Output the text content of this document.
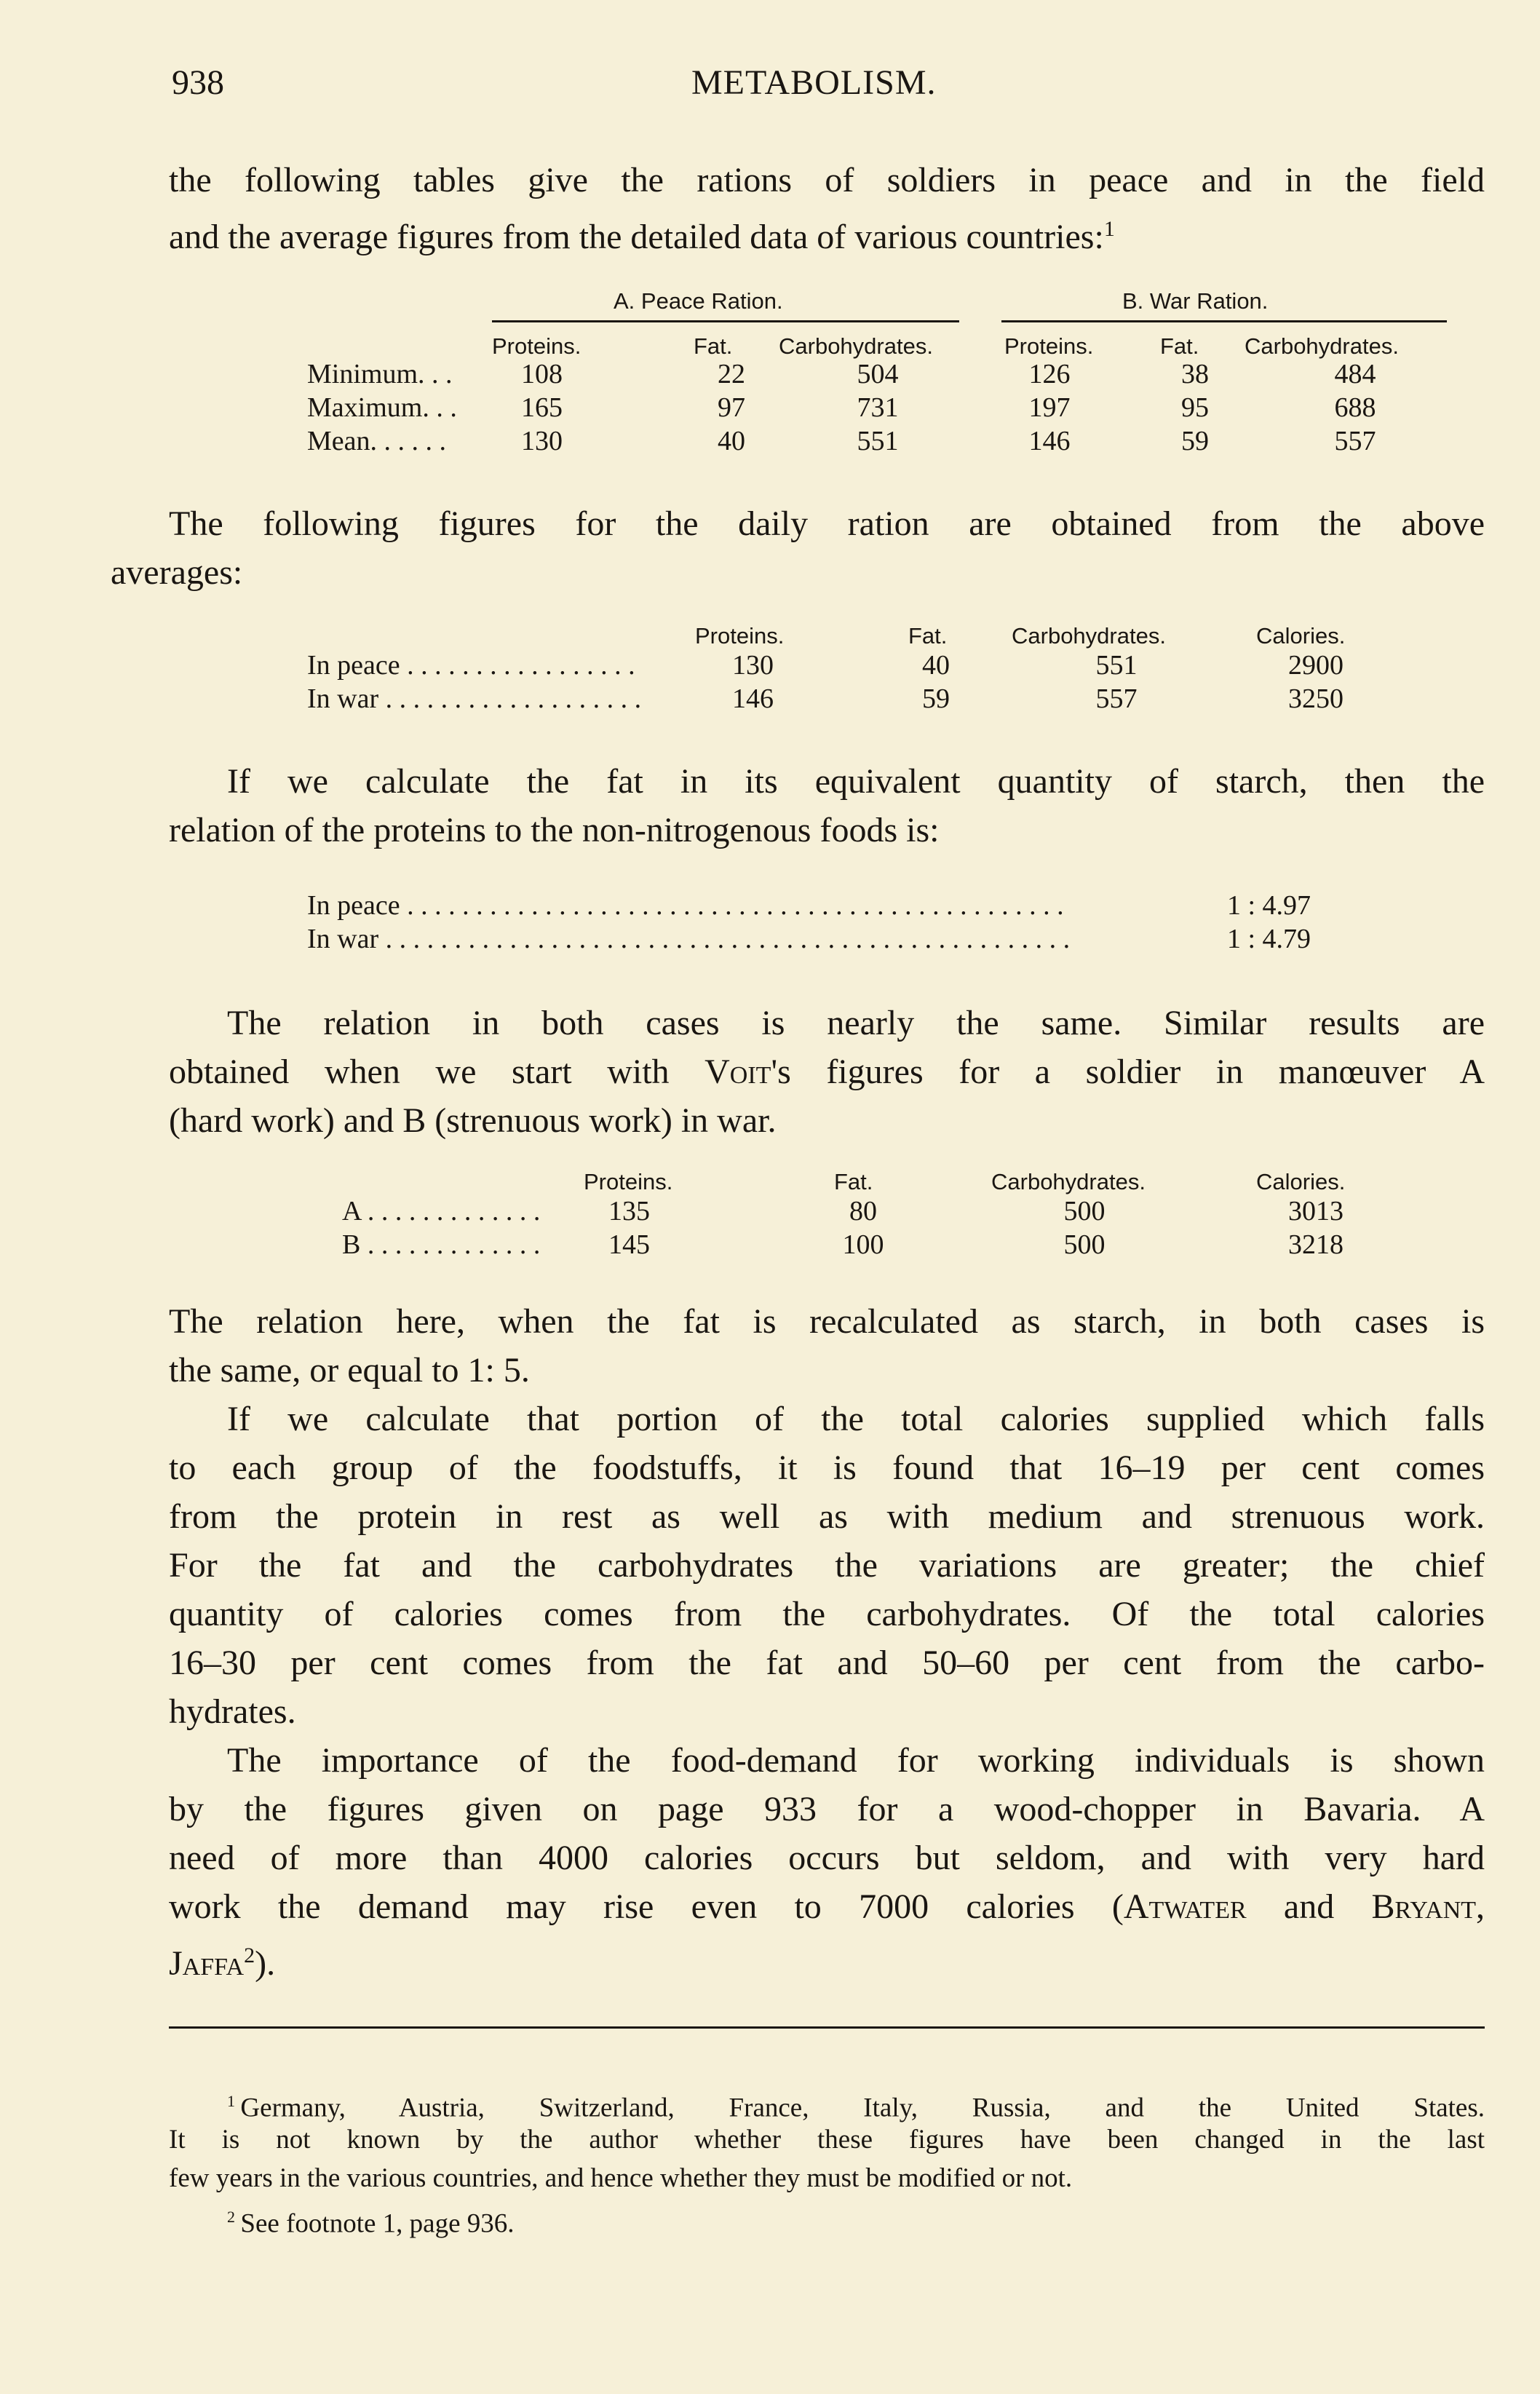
938	METABOLISM.
the following tables give the rations of soldiers in peace and in the field
and the average figures from the detailed data of various countries:$^1$
A. Peace Ration.	B. War Ration.
Proteins.	Fat. Carbohydrates.	Proteins.	Fat. Carbohydrates.
Minimum. . . 108	22	504	126	38	484
Maximum. . . 165	97	731	197	95	688
Mean. . . . . .	130	40	551	146	59	557
The following figures for the daily ration are obtained from the above
averages:
Proteins.	Fat.	Carbohydrates.	Calories.
In peace . . . . . . . . . . . . . . . . .	130	40	551	2900
In war . . . . . . . . . . . . . . . . . . .	146	59	557	3250
If we calculate the fat in its equivalent quantity of starch, then the
relation of the proteins to the non-nitrogenous foods is:
In peace . . . . . . . . . . . . . . . . . . . . . . . . . . . . . . . . . . . . . . . . . . . . . . . .	1 : 4.97
In war . . . . . . . . . . . . . . . . . . . . . . . . . . . . . . . . . . . . . . . . . . . . . . . . . .	1 : 4.79
The relation in both cases is nearly the same. Similar results are
obtained when we start with Voit's figures for a soldier in manœuver A
(hard work) and B (strenuous work) in war.
Proteins.	Fat.	Carbohydrates.	Calories.
A . . . . . . . . . . . . . 135	80	500	3013
B . . . . . . . . . . . . . 145	100	500	3218
The relation here, when the fat is recalculated as starch, in both cases is
the same, or equal to 1: 5.
If we calculate that portion of the total calories supplied which falls
to each group of the foodstuffs, it is found that 16–19 per cent comes
from the protein in rest as well as with medium and strenuous work.
For the fat and the carbohydrates the variations are greater; the chief
quantity of calories comes from the carbohydrates. Of the total calories
16–30 per cent comes from the fat and 50–60 per cent from the carbo-
hydrates.
The importance of the food-demand for working individuals is shown
by the figures given on page 933 for a wood-chopper in Bavaria. A
need of more than 4000 calories occurs but seldom, and with very hard
work the demand may rise even to 7000 calories (Atwater and Bryant,
Jaffa$^2$).
$^1$  Germany, Austria, Switzerland, France, Italy, Russia, and the United States.
It is not known by the author whether these figures have been changed in the last
few years in the various countries, and hence whether they must be modified or not.
$^2$  See footnote 1, page 936.
